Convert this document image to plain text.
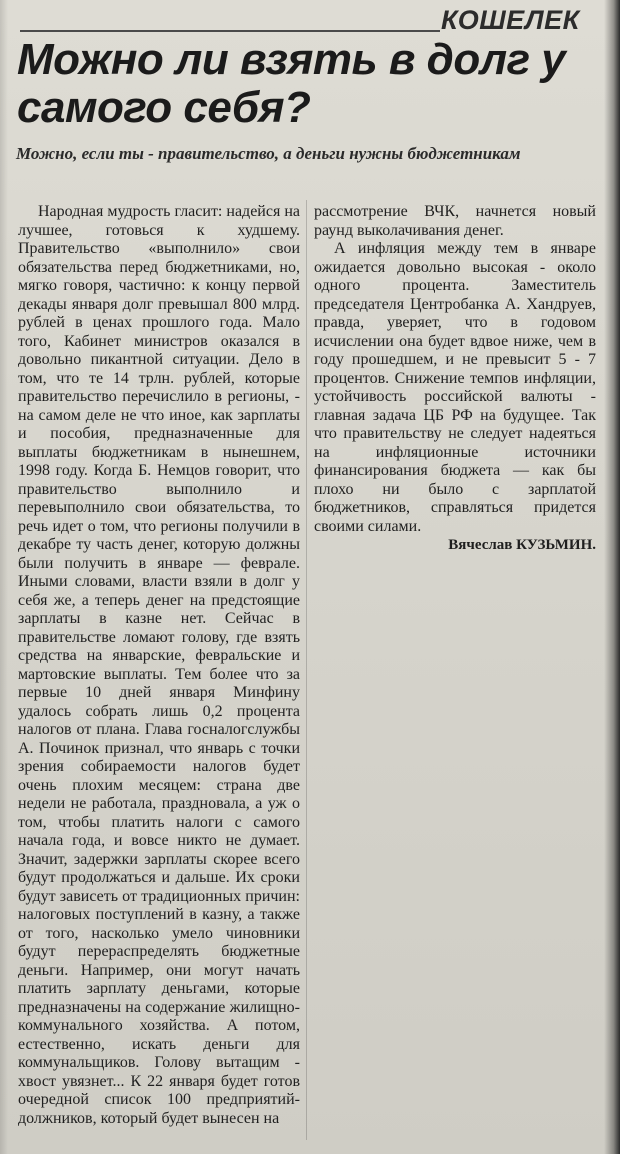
КОШЕЛЕК
Можно ли взять в долг у самого себя?
Можно, если ты - правительство, а деньги нужны бюджетникам

Народная мудрость гласит: надейся на лучшее, готовься к худшему. Правительство «выполнило» свои обязательства перед бюджетниками, но, мягко говоря, частично: к концу первой декады января долг превышал 800 млрд. рублей в ценах прошлого года. Мало того, Кабинет министров оказался в довольно пикантной ситуации. Дело в том, что те 14 трлн. рублей, которые правительство перечислило в регионы, - на самом деле не что иное, как зарплаты и пособия, предназначенные для выплаты бюджетникам в нынешнем, 1998 году. Когда Б. Немцов говорит, что правительство выполнило и перевыполнило свои обязательства, то речь идет о том, что регионы получили в декабре ту часть денег, которую должны были получить в январе — феврале. Иными словами, власти взяли в долг у себя же, а теперь денег на предстоящие зарплаты в казне нет. Сейчас в правительстве ломают голову, где взять средства на январские, февральские и мартовские выплаты. Тем более что за первые 10 дней января Минфину удалось собрать лишь 0,2 процента налогов от плана. Глава госналогслужбы А. Починок признал, что январь с точки зрения собираемости налогов будет очень плохим месяцем: страна две недели не работала, праздновала, а уж о том, чтобы платить налоги с самого начала года, и вовсе никто не думает. Значит, задержки зарплаты скорее всего будут продолжаться и дальше. Их сроки будут зависеть от традиционных причин: налоговых поступлений в казну, а также от того, насколько умело чиновники будут перераспределять бюджетные деньги. Например, они могут начать платить зарплату деньгами, которые предназначены на содержание жилищно-коммунального хозяйства. А потом, естественно, искать деньги для коммунальщиков. Голову вытащим - хвост увязнет... К 22 января будет готов очередной список 100 предприятий-должников, который будет вынесен на

рассмотрение ВЧК, начнется новый раунд выколачивания денег.

А инфляция между тем в январе ожидается довольно высокая - около одного процента. Заместитель председателя Центробанка А. Хандруев, правда, уверяет, что в годовом исчислении она будет вдвое ниже, чем в году прошедшем, и не превысит 5 - 7 процентов. Снижение темпов инфляции, устойчивость российской валюты - главная задача ЦБ РФ на будущее. Так что правительству не следует надеяться на инфляционные источники финансирования бюджета — как бы плохо ни было с зарплатой бюджетников, справляться придется своими силами.

Вячеслав КУЗЬМИН.
